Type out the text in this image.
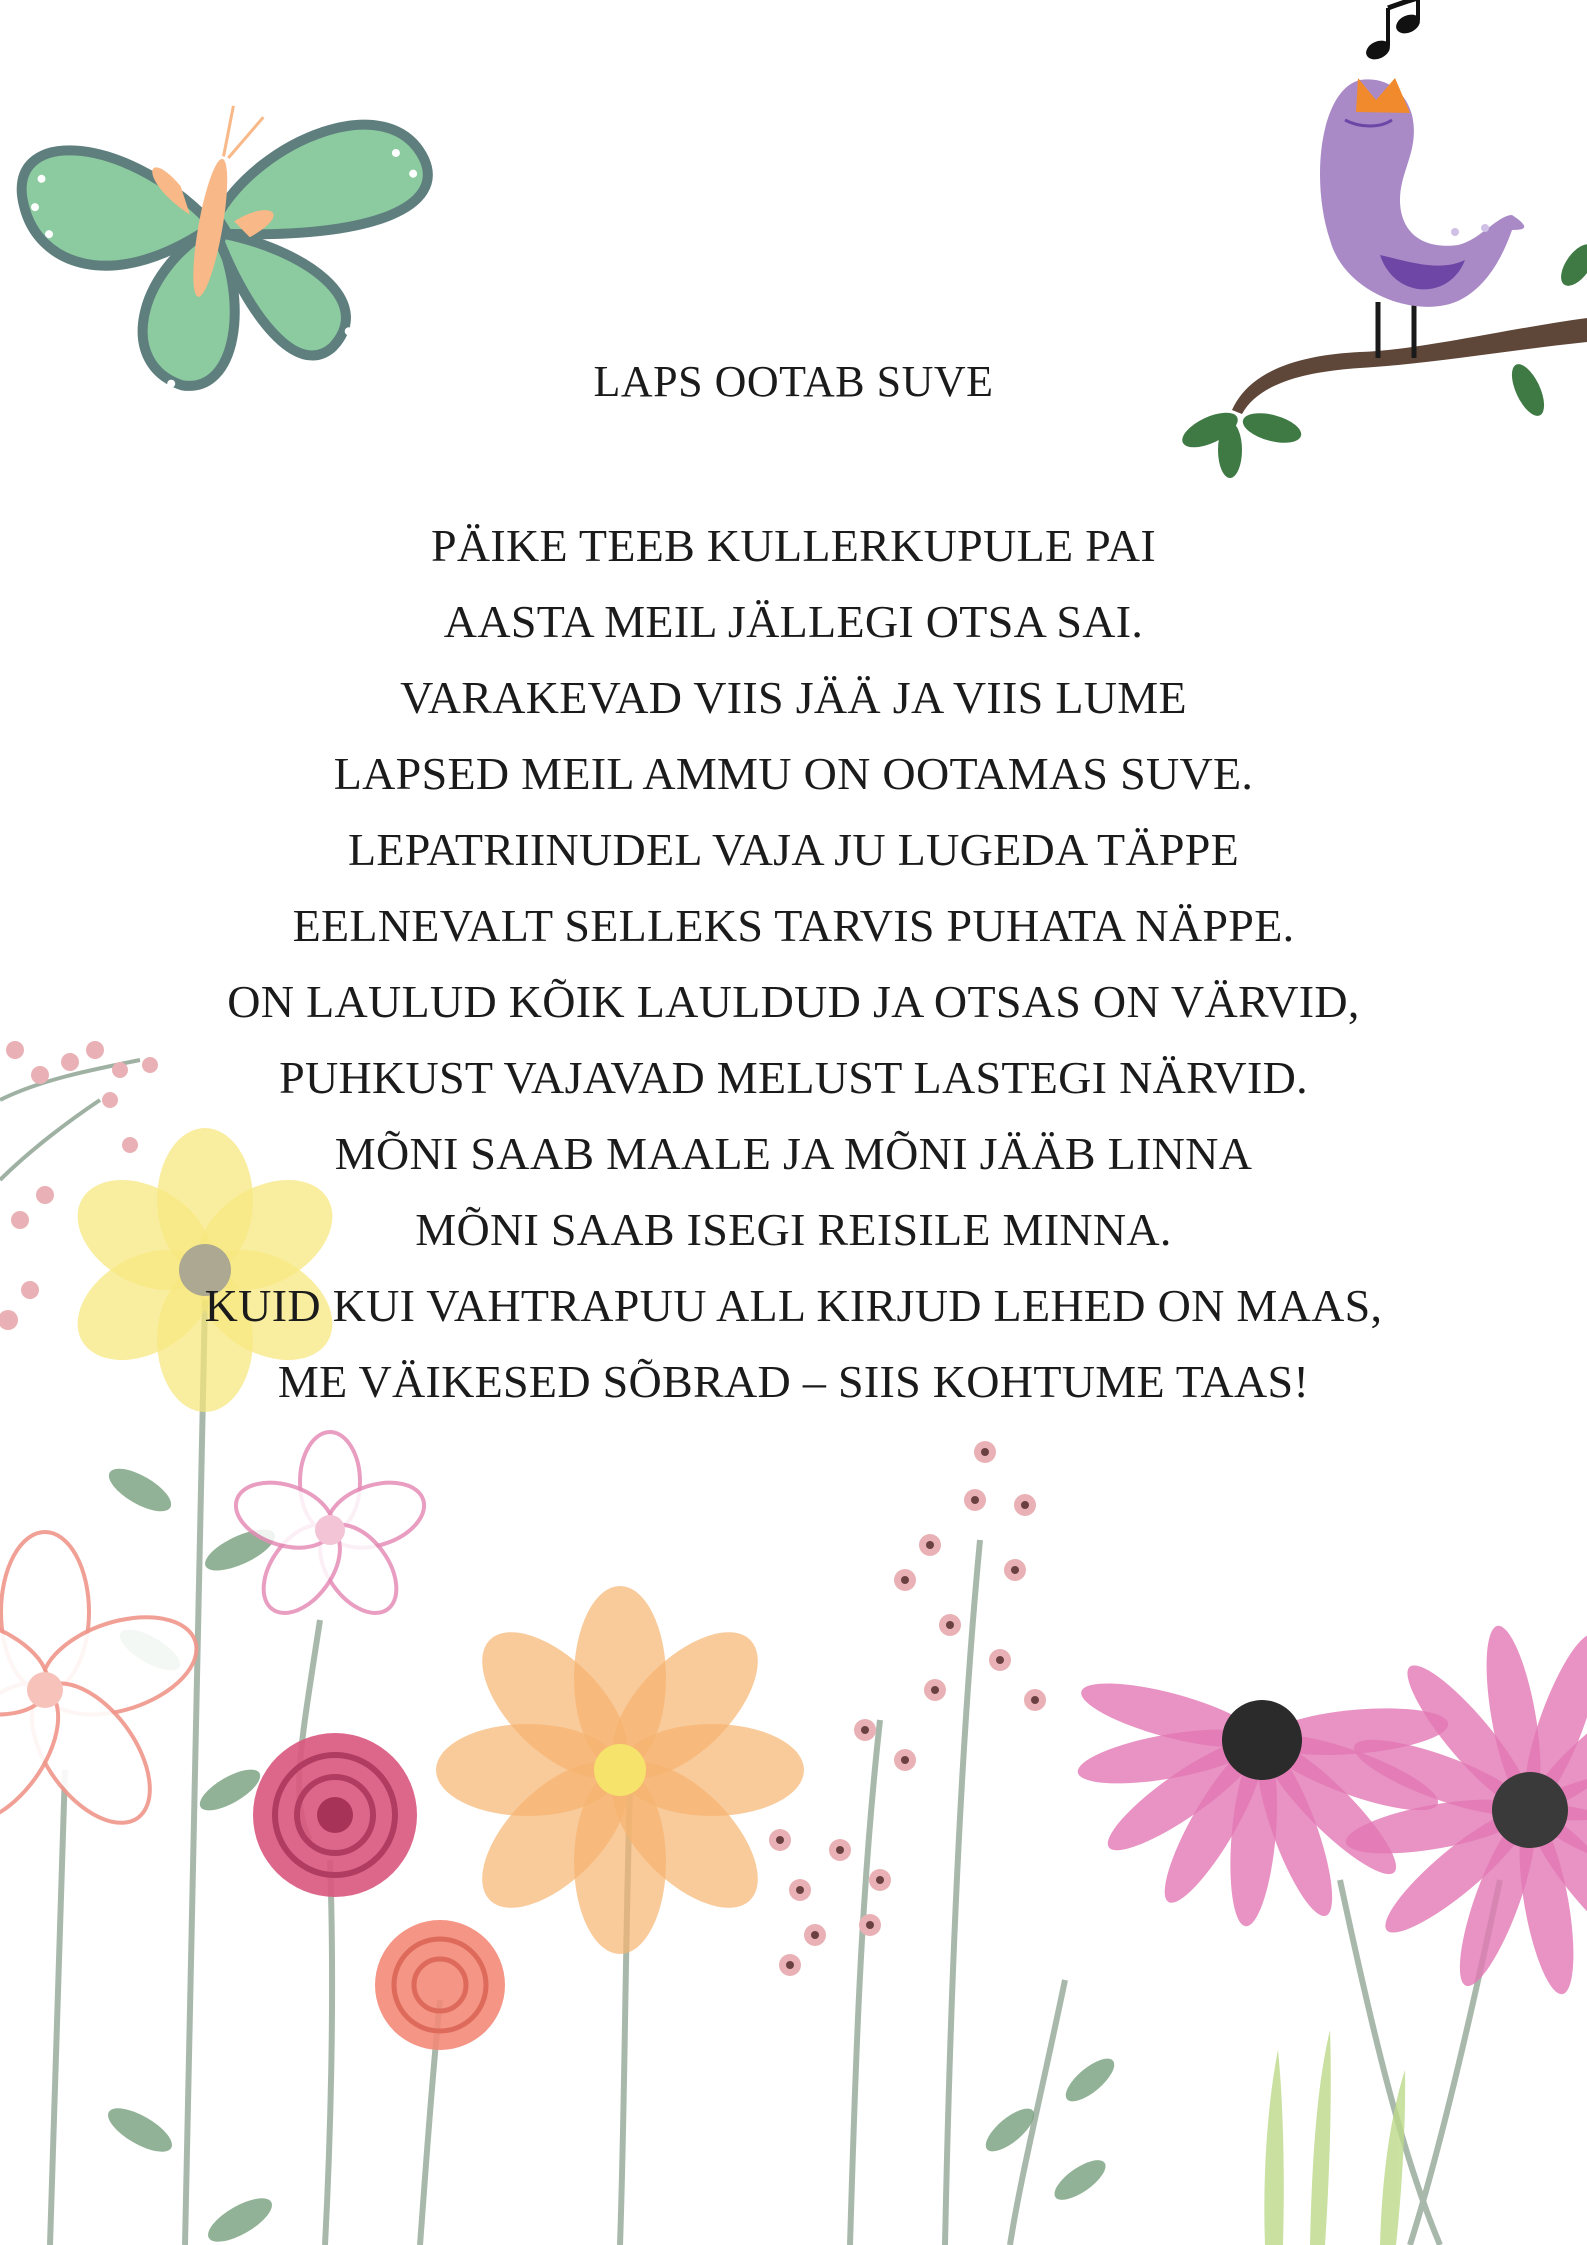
LAPS OOTAB SUVE
PÄIKE TEEB KULLERKUPULE PAI
AASTA MEIL JÄLLEGI OTSA SAI.
VARAKEVAD VIIS JÄÄ JA VIIS LUME
LAPSED MEIL AMMU ON OOTAMAS SUVE.
LEPATRIINUDEL VAJA JU LUGEDA TÄPPE
EELNEVALT SELLEKS TARVIS PUHATA NÄPPE.
ON LAULUD KÕIK LAULDUD JA OTSAS ON VÄRVID,
PUHKUST VAJAVAD MELUST LASTEGI NÄRVID.
MÕNI SAAB MAALE JA MÕNI JÄÄB LINNA
MÕNI SAAB ISEGI REISILE MINNA.
KUID KUI VAHTRAPUU ALL KIRJUD LEHED ON MAAS,
ME VÄIKESED SÕBRAD – SIIS KOHTUME TAAS!
